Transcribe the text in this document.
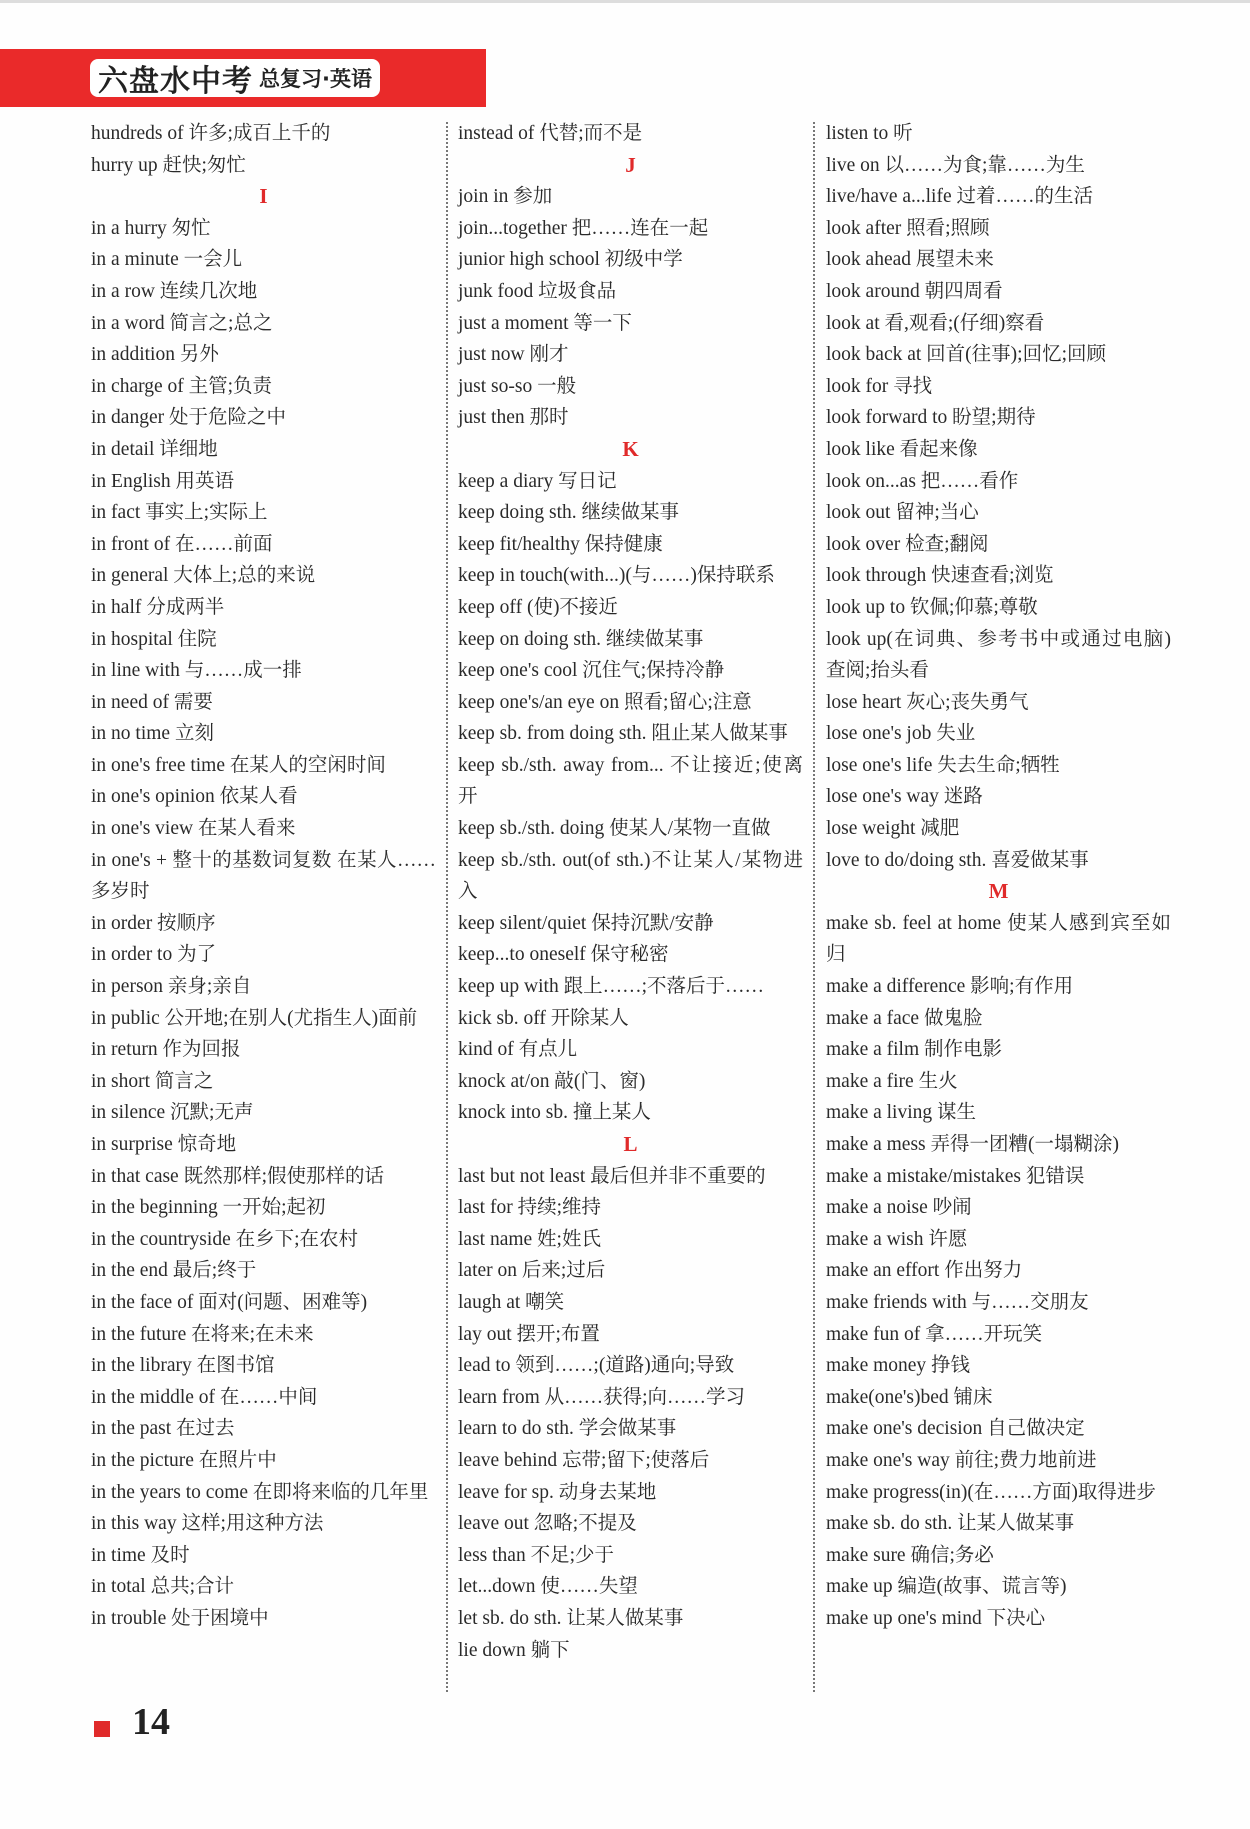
六盘水中考 总复习·英语
hundreds of 许多;成百上千的
hurry up 赶快;匆忙
I
in a hurry 匆忙
in a minute 一会儿
in a row 连续几次地
in a word 简言之;总之
in addition 另外
in charge of 主管;负责
in danger 处于危险之中
in detail 详细地
in English 用英语
in fact 事实上;实际上
in front of 在……前面
in general 大体上;总的来说
in half 分成两半
in hospital 住院
in line with 与……成一排
in need of 需要
in no time 立刻
in one's free time 在某人的空闲时间
in one's opinion 依某人看
in one's view 在某人看来
in one's + 整十的基数词复数 在某人……多岁时
in order 按顺序
in order to 为了
in person 亲身;亲自
in public 公开地;在别人(尤指生人)面前
in return 作为回报
in short 简言之
in silence 沉默;无声
in surprise 惊奇地
in that case 既然那样;假使那样的话
in the beginning 一开始;起初
in the countryside 在乡下;在农村
in the end 最后;终于
in the face of 面对(问题、困难等)
in the future 在将来;在未来
in the library 在图书馆
in the middle of 在……中间
in the past 在过去
in the picture 在照片中
in the years to come 在即将来临的几年里
in this way 这样;用这种方法
in time 及时
in total 总共;合计
in trouble 处于困境中
instead of 代替;而不是
J
join in 参加
join...together 把……连在一起
junior high school 初级中学
junk food 垃圾食品
just a moment 等一下
just now 刚才
just so-so 一般
just then 那时
K
keep a diary 写日记
keep doing sth. 继续做某事
keep fit/healthy 保持健康
keep in touch(with...)(与……)保持联系
keep off (使)不接近
keep on doing sth. 继续做某事
keep one's cool 沉住气;保持冷静
keep one's/an eye on 照看;留心;注意
keep sb. from doing sth. 阻止某人做某事
keep sb./sth. away from... 不让接近;使离开
keep sb./sth. doing 使某人/某物一直做
keep sb./sth. out(of sth.)不让某人/某物进入
keep silent/quiet 保持沉默/安静
keep...to oneself 保守秘密
keep up with 跟上……;不落后于……
kick sb. off 开除某人
kind of 有点儿
knock at/on 敲(门、窗)
knock into sb. 撞上某人
L
last but not least 最后但并非不重要的
last for 持续;维持
last name 姓;姓氏
later on 后来;过后
laugh at 嘲笑
lay out 摆开;布置
lead to 领到……;(道路)通向;导致
learn from 从……获得;向……学习
learn to do sth. 学会做某事
leave behind 忘带;留下;使落后
leave for sp. 动身去某地
leave out 忽略;不提及
less than 不足;少于
let...down 使……失望
let sb. do sth. 让某人做某事
lie down 躺下
listen to 听
live on 以……为食;靠……为生
live/have a...life 过着……的生活
look after 照看;照顾
look ahead 展望未来
look around 朝四周看
look at 看,观看;(仔细)察看
look back at 回首(往事);回忆;回顾
look for 寻找
look forward to 盼望;期待
look like 看起来像
look on...as 把……看作
look out 留神;当心
look over 检查;翻阅
look through 快速查看;浏览
look up to 钦佩;仰慕;尊敬
look up(在词典、参考书中或通过电脑)查阅;抬头看
lose heart 灰心;丧失勇气
lose one's job 失业
lose one's life 失去生命;牺牲
lose one's way 迷路
lose weight 减肥
love to do/doing sth. 喜爱做某事
M
make sb. feel at home 使某人感到宾至如归
make a difference 影响;有作用
make a face 做鬼脸
make a film 制作电影
make a fire 生火
make a living 谋生
make a mess 弄得一团糟(一塌糊涂)
make a mistake/mistakes 犯错误
make a noise 吵闹
make a wish 许愿
make an effort 作出努力
make friends with 与……交朋友
make fun of 拿……开玩笑
make money 挣钱
make(one's)bed 铺床
make one's decision 自己做决定
make one's way 前往;费力地前进
make progress(in)(在……方面)取得进步
make sb. do sth. 让某人做某事
make sure 确信;务必
make up 编造(故事、谎言等)
make up one's mind 下决心
14
